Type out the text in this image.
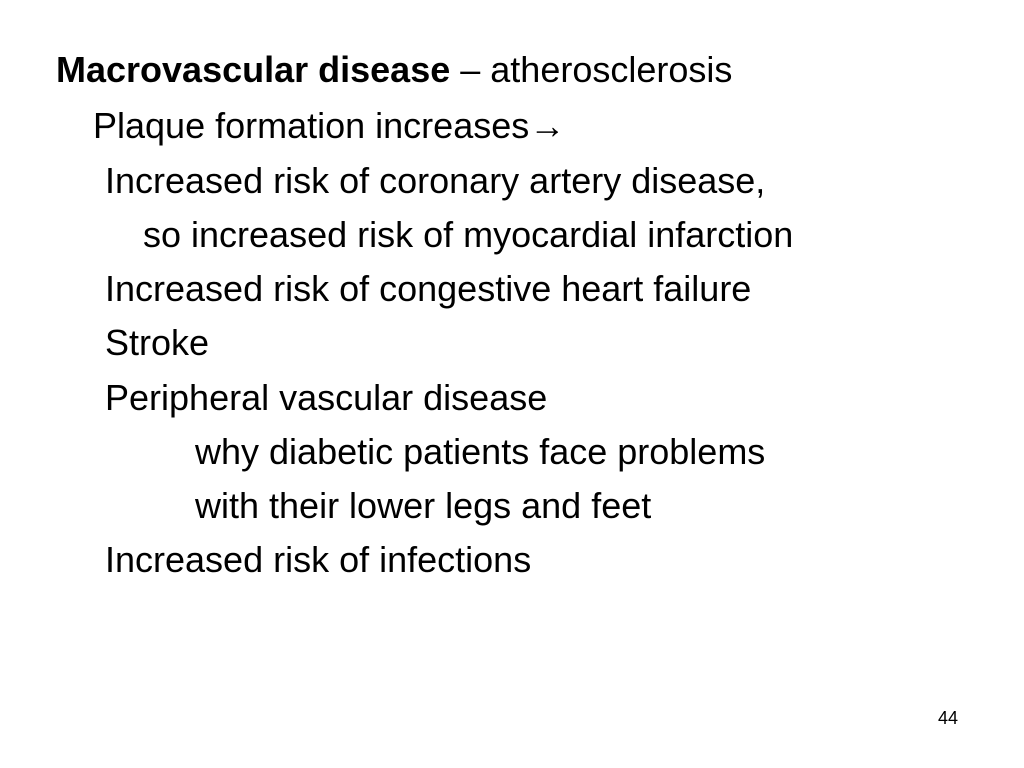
Macrovascular disease – atherosclerosis
Plaque formation increases→
Increased risk of coronary artery disease,
so increased risk of myocardial infarction
Increased risk of congestive heart failure
Stroke
Peripheral vascular disease
why diabetic patients face problems
with their lower legs and feet
Increased risk of infections
44
